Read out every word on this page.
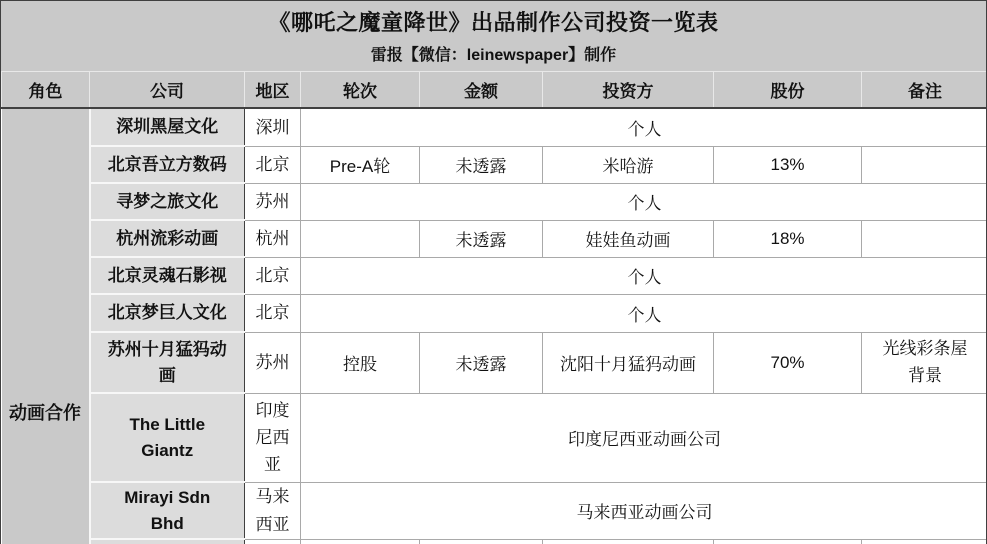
《哪吒之魔童降世》出品制作公司投资一览表
雷报【微信：leinewspaper】制作
角色	公司	地区	轮次	金额	投资方	股份	备注
动画合作	深圳黑屋文化	深圳	个人				
	北京吾立方数码	北京	Pre-A轮	未透露	米哈游	13%	
	寻梦之旅文化	苏州	个人				
	杭州流彩动画	杭州		未透露	娃娃鱼动画	18%	
	北京灵魂石影视	北京	个人				
	北京梦巨人文化	北京	个人				
	苏州十月猛犸动画	苏州	控股	未透露	沈阳十月猛犸动画	70%	光线彩条屋背景
	The Little Giantz	印度尼西亚	印度尼西亚动画公司				
	Mirayi Sdn Bhd	马来西亚	马来西亚动画公司				
